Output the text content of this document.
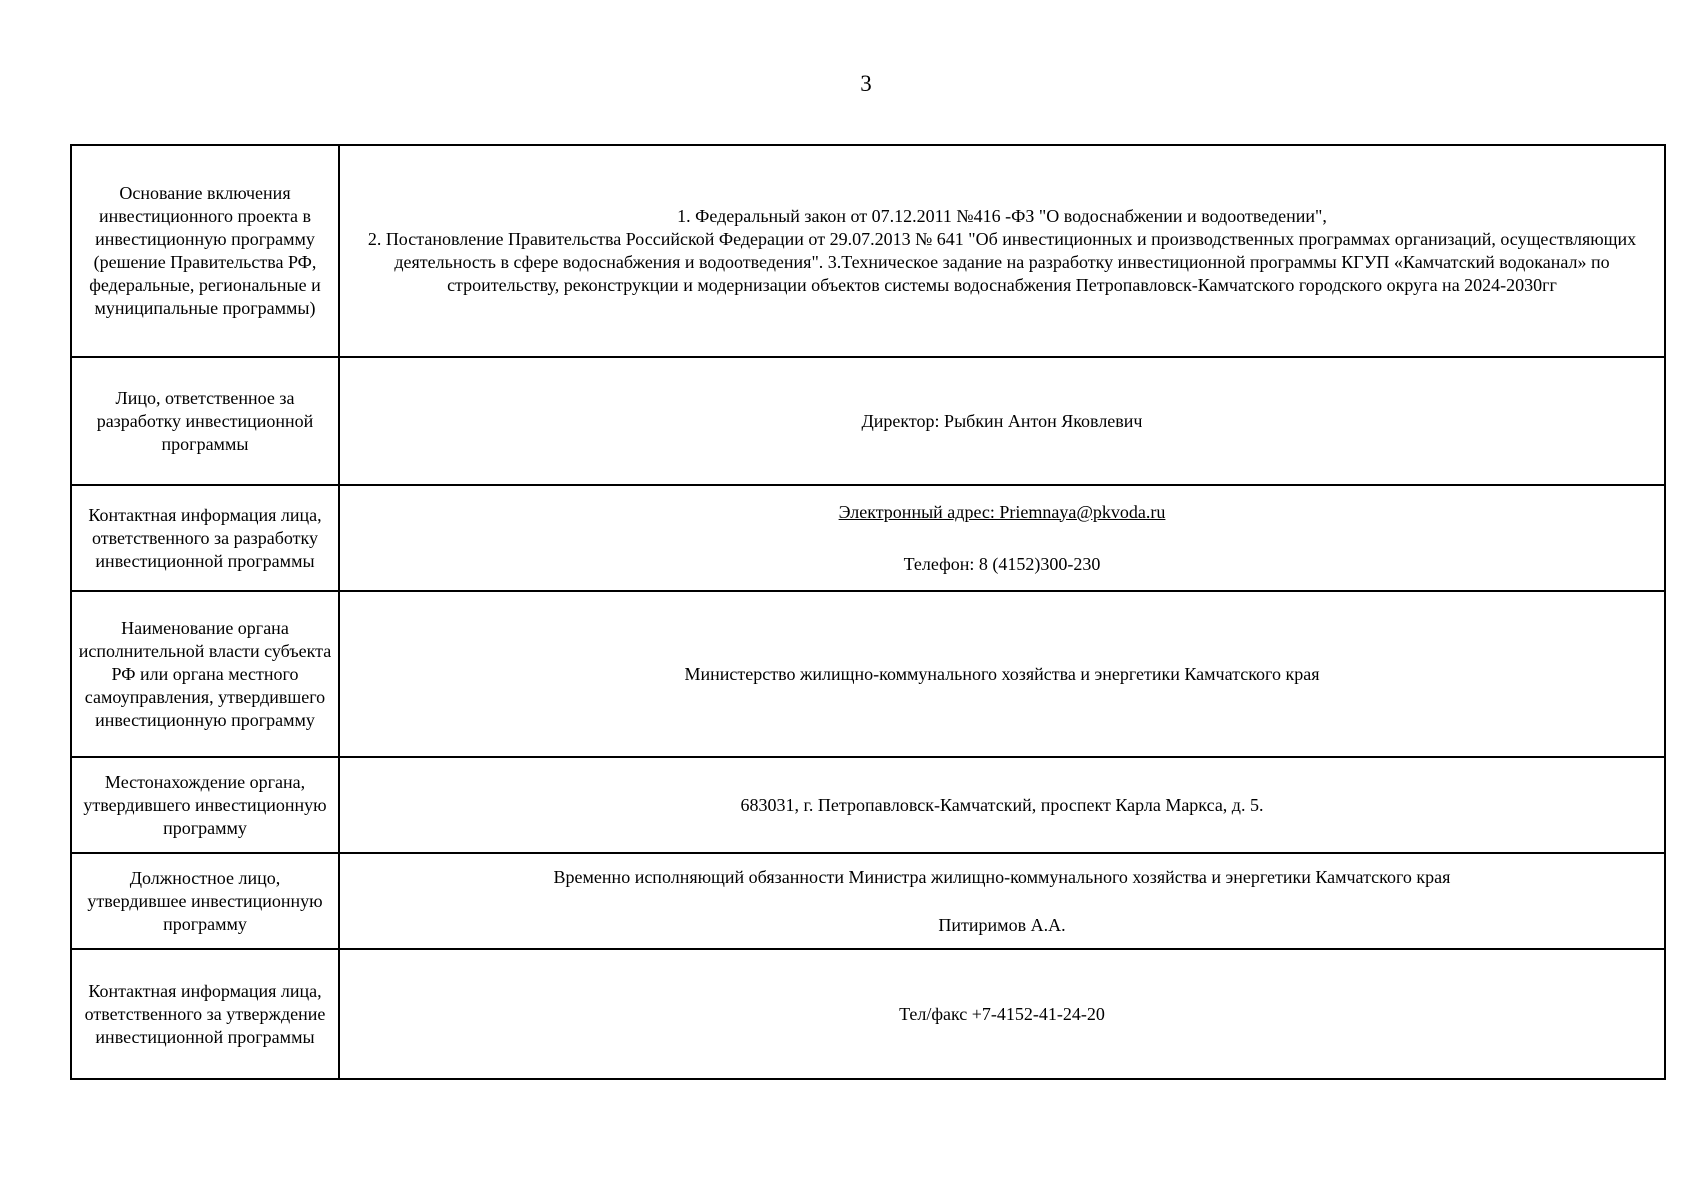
3
Основание включения инвестиционного проекта в инвестиционную программу (решение Правительства РФ, федеральные, региональные и муниципальные программы)	1. Федеральный закон от 07.12.2011 №416 -ФЗ "О водоснабжении и водоотведении",
2. Постановление Правительства Российской Федерации от 29.07.2013 № 641 "Об инвестиционных и производственных программах организаций, осуществляющих деятельность в сфере водоснабжения и водоотведения". 3.Техническое задание на разработку инвестиционной программы КГУП «Камчатский водоканал» по строительству, реконструкции и модернизации объектов системы водоснабжения Петропавловск-Камчатского городского округа на 2024-2030гг

Лицо, ответственное за разработку инвестиционной программы	Директор: Рыбкин Антон Яковлевич
Контактная информация лица, ответственного за разработку инвестиционной программы	Электронный адрес: Priemnaya@pkvoda.ru
Телефон: 8 (4152)300-230

Наименование органа исполнительной власти субъекта РФ или органа местного самоуправления, утвердившего инвестиционную программу	Министерство жилищно-коммунального хозяйства и энергетики Камчатского края
Местонахождение органа, утвердившего инвестиционную программу	683031, г. Петропавловск-Камчатский, проспект Карла Маркса, д. 5.
Должностное лицо, утвердившее инвестиционную программу	Временно исполняющий обязанности Министра жилищно-коммунального хозяйства и энергетики Камчатского края
Питиримов А.А.

Контактная информация лица, ответственного за утверждение инвестиционной программы	Тел/факс +7-4152-41-24-20
